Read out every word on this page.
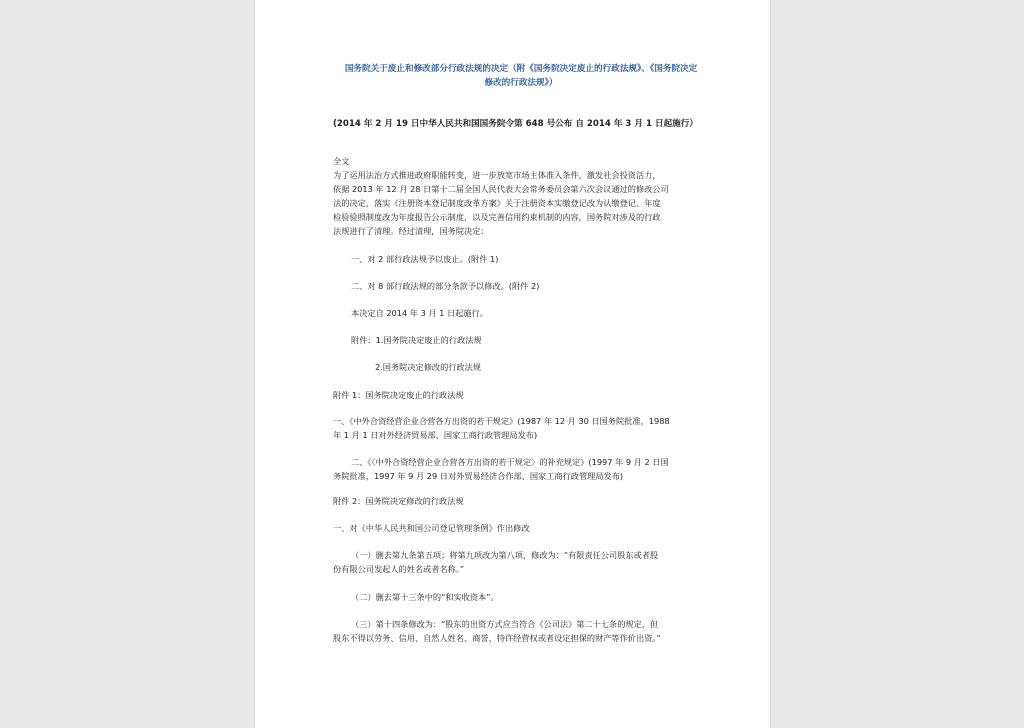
国务院关于废止和修改部分行政法规的决定（附《国务院决定废止的行政法规》、《国务院决定
修改的行政法规》）
(2014 年 2 月 19 日中华人民共和国国务院令第 648 号公布 自 2014 年 3 月 1 日起施行）
全文
为了运用法治方式推进政府职能转变，进一步放宽市场主体准入条件，激发社会投资活力，
依据 2013 年 12 月 28 日第十二届全国人民代表大会常务委员会第六次会议通过的修改公司
法的决定，落实《注册资本登记制度改革方案》关于注册资本实缴登记改为认缴登记、年度
检验验照制度改为年度报告公示制度，以及完善信用约束机制的内容，国务院对涉及的行政
法规进行了清理。经过清理，国务院决定：
一、对 2 部行政法规予以废止。(附件 1)
二、对 8 部行政法规的部分条款予以修改。(附件 2)
本决定自 2014 年 3 月 1 日起施行。
附件：1.国务院决定废止的行政法规
2.国务院决定修改的行政法规
附件 1：国务院决定废止的行政法规
一、《中外合资经营企业合营各方出资的若干规定》(1987 年 12 月 30 日国务院批准，1988
年 1 月 1 日对外经济贸易部、国家工商行政管理局发布)
二、《〈中外合资经营企业合营各方出资的若干规定〉的补充规定》(1997 年 9 月 2 日国
务院批准，1997 年 9 月 29 日对外贸易经济合作部、国家工商行政管理局发布)
附件 2：国务院决定修改的行政法规
一、对《中华人民共和国公司登记管理条例》作出修改
（一）删去第九条第五项；将第九项改为第八项，修改为：“有限责任公司股东或者股
份有限公司发起人的姓名或者名称。”
（二）删去第十三条中的“和实收资本”。
（三）第十四条修改为：“股东的出资方式应当符合《公司法》第二十七条的规定，但
股东不得以劳务、信用、自然人姓名、商誉、特许经营权或者设定担保的财产等作价出资。”
